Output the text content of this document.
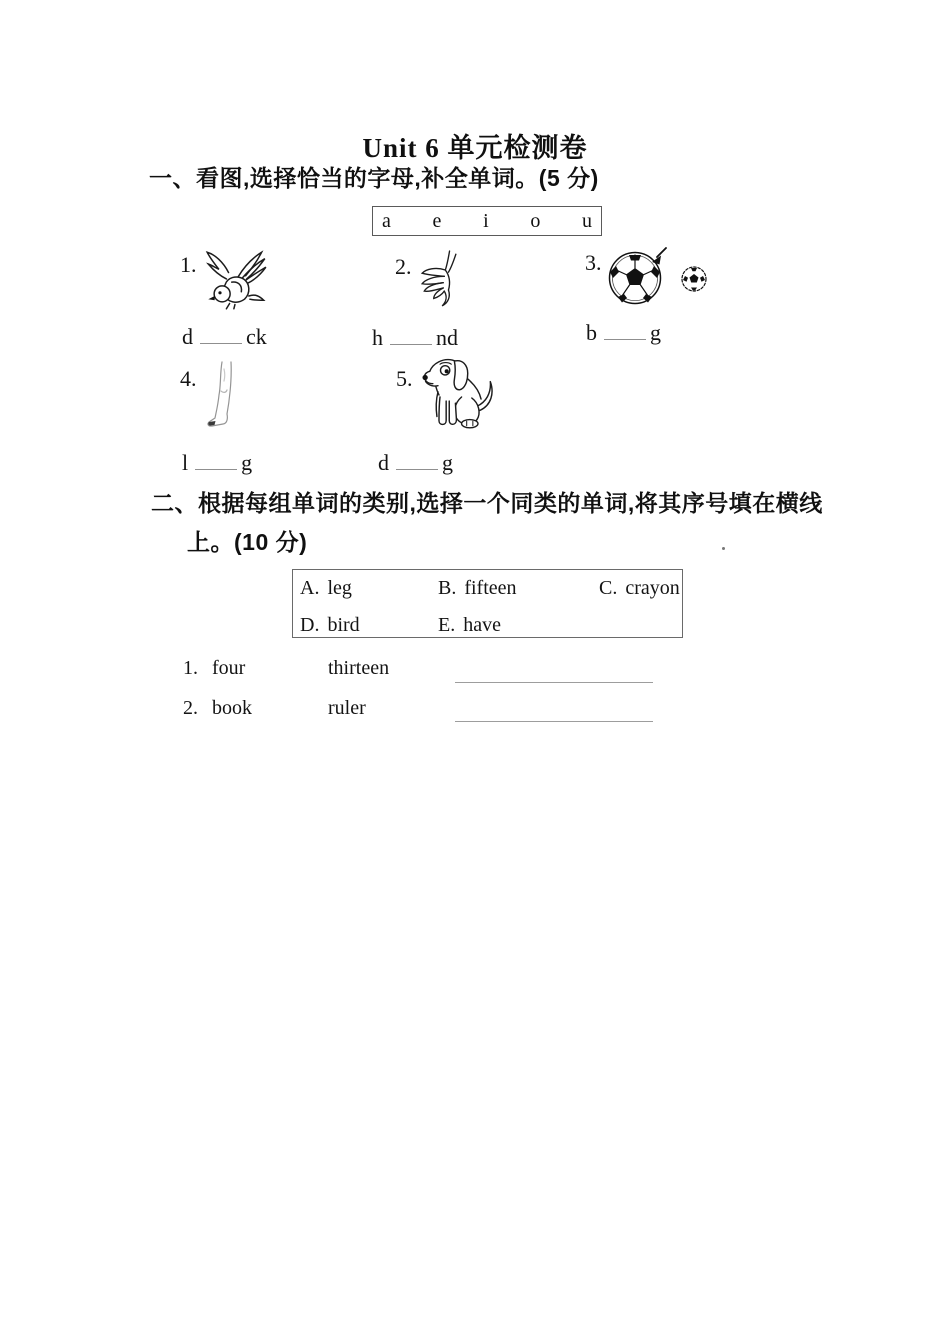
Unit 6 单元检测卷
一、看图,选择恰当的字母,补全单词。(5 分)
a e i o u
1.
d ck
2.
h nd
3.
b g
4.
l g
5.
d g
二、根据每组单词的类别,选择一个同类的单词,将其序号填在横线
上。(10 分)
A. leg	B. fifteen	C. crayon
D. bird	E. have
1. four	thirteen
2. book	ruler
